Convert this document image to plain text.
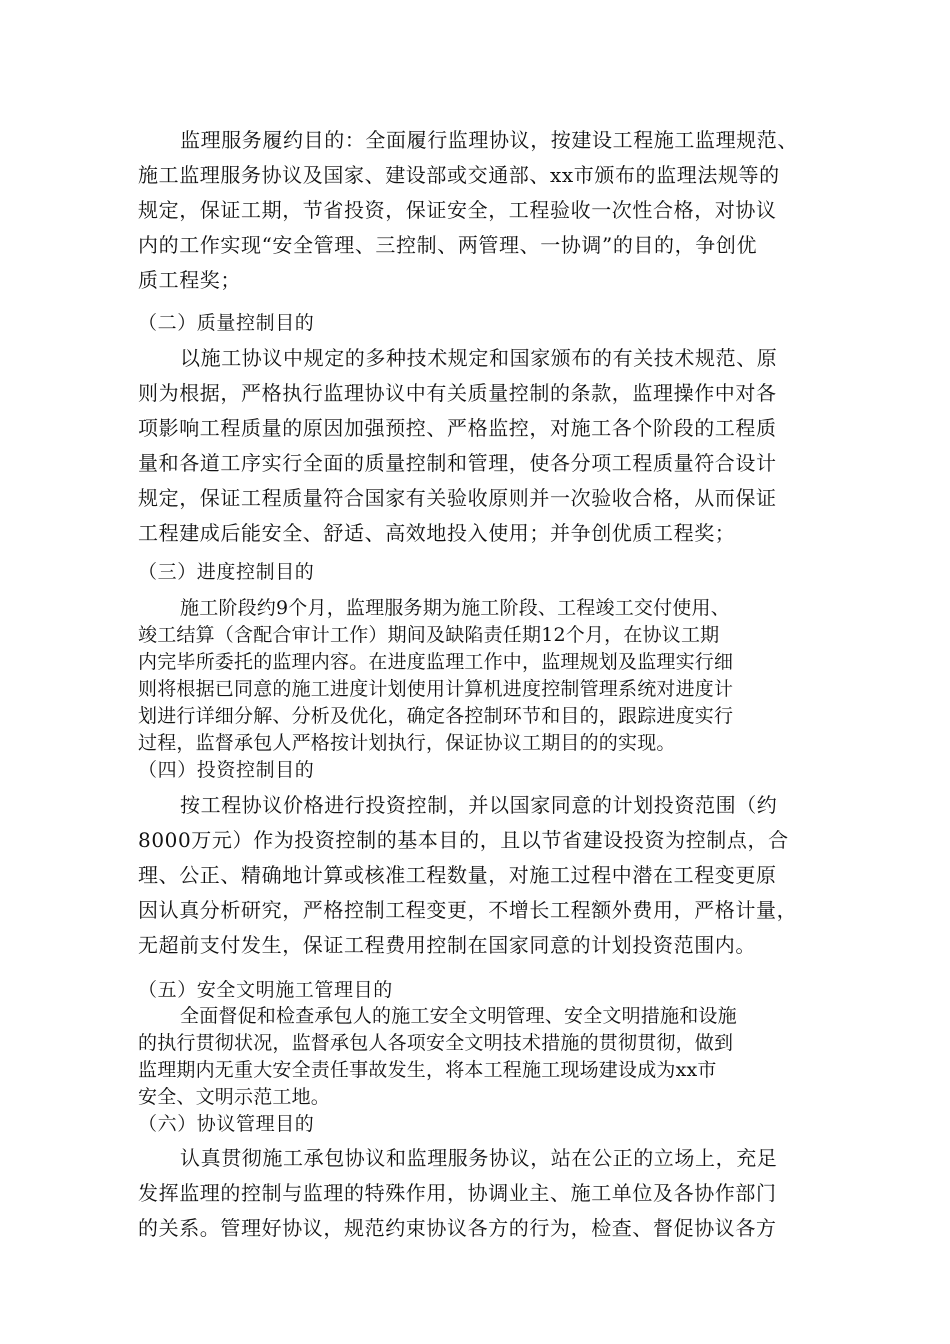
监理服务履约目的：全面履行监理协议，按建设工程施工监理规范、
施工监理服务协议及国家、建设部或交通部、xx市颁布的监理法规等的
规定，保证工期，节省投资，保证安全，工程验收一次性合格，对协议
内的工作实现“安全管理、三控制、两管理、一协调”的目的，争创优
质工程奖；
（二）质量控制目的
以施工协议中规定的多种技术规定和国家颁布的有关技术规范、原
则为根据，严格执行监理协议中有关质量控制的条款，监理操作中对各
项影响工程质量的原因加强预控、严格监控，对施工各个阶段的工程质
量和各道工序实行全面的质量控制和管理，使各分项工程质量符合设计
规定，保证工程质量符合国家有关验收原则并一次验收合格，从而保证
工程建成后能安全、舒适、高效地投入使用；并争创优质工程奖；
（三）进度控制目的
施工阶段约9个月，监理服务期为施工阶段、工程竣工交付使用、
竣工结算（含配合审计工作）期间及缺陷责任期12个月，在协议工期
内完毕所委托的监理内容。在进度监理工作中，监理规划及监理实行细
则将根据已同意的施工进度计划使用计算机进度控制管理系统对进度计
划进行详细分解、分析及优化，确定各控制环节和目的，跟踪进度实行
过程，监督承包人严格按计划执行，保证协议工期目的的实现。
（四）投资控制目的
按工程协议价格进行投资控制，并以国家同意的计划投资范围（约
8000万元）作为投资控制的基本目的，且以节省建设投资为控制点，合
理、公正、精确地计算或核准工程数量，对施工过程中潜在工程变更原
因认真分析研究，严格控制工程变更，不增长工程额外费用，严格计量，
无超前支付发生，保证工程费用控制在国家同意的计划投资范围内。
（五）安全文明施工管理目的
全面督促和检查承包人的施工安全文明管理、安全文明措施和设施
的执行贯彻状况，监督承包人各项安全文明技术措施的贯彻贯彻，做到
监理期内无重大安全责任事故发生，将本工程施工现场建设成为xx市
安全、文明示范工地。
（六）协议管理目的
认真贯彻施工承包协议和监理服务协议，站在公正的立场上，充足
发挥监理的控制与监理的特殊作用，协调业主、施工单位及各协作部门
的关系。管理好协议，规范约束协议各方的行为，检查、督促协议各方
